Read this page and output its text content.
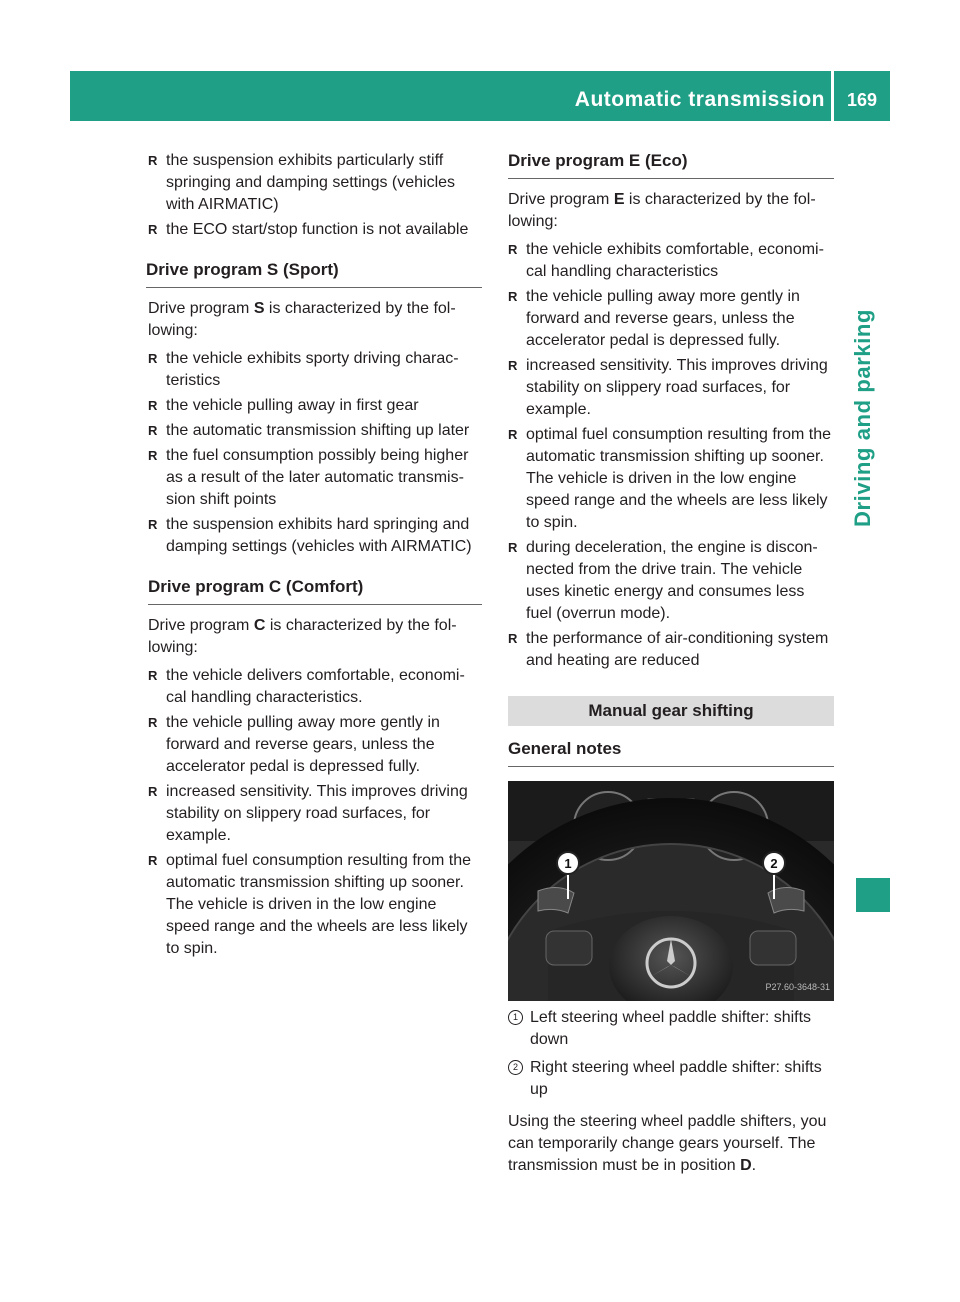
Automatic transmission	169
Driving and parking
R the suspension exhibits particularly stiff springing and damping settings (vehicles with AIRMATIC)
R the ECO start/stop function is not available
Drive program S (Sport)
Drive program S is characterized by the fol- lowing:
R the vehicle exhibits sporty driving charac- teristics
R the vehicle pulling away in first gear
R the automatic transmission shifting up later
R the fuel consumption possibly being higher as a result of the later automatic transmis- sion shift points
R the suspension exhibits hard springing and damping settings (vehicles with AIRMATIC)
Drive program C (Comfort)
Drive program C is characterized by the fol- lowing:
R the vehicle delivers comfortable, economi- cal handling characteristics.
R the vehicle pulling away more gently in forward and reverse gears, unless the accelerator pedal is depressed fully.
R increased sensitivity. This improves driving stability on slippery road surfaces, for example.
R optimal fuel consumption resulting from the automatic transmission shifting up sooner. The vehicle is driven in the low engine speed range and the wheels are less likely to spin.
Drive program E (Eco)
Drive program E is characterized by the fol- lowing:
R the vehicle exhibits comfortable, economi- cal handling characteristics
R the vehicle pulling away more gently in forward and reverse gears, unless the accelerator pedal is depressed fully.
R increased sensitivity. This improves driving stability on slippery road surfaces, for example.
R optimal fuel consumption resulting from the automatic transmission shifting up sooner. The vehicle is driven in the low engine speed range and the wheels are less likely to spin.
R during deceleration, the engine is discon- nected from the drive train. The vehicle uses kinetic energy and consumes less fuel (overrun mode).
R the performance of air-conditioning system and heating are reduced
Manual gear shifting
General notes
1	2
P27.60-3648-31
1 Left steering wheel paddle shifter: shifts down
2 Right steering wheel paddle shifter: shifts up
Using the steering wheel paddle shifters, you can temporarily change gears yourself. The transmission must be in position D.
